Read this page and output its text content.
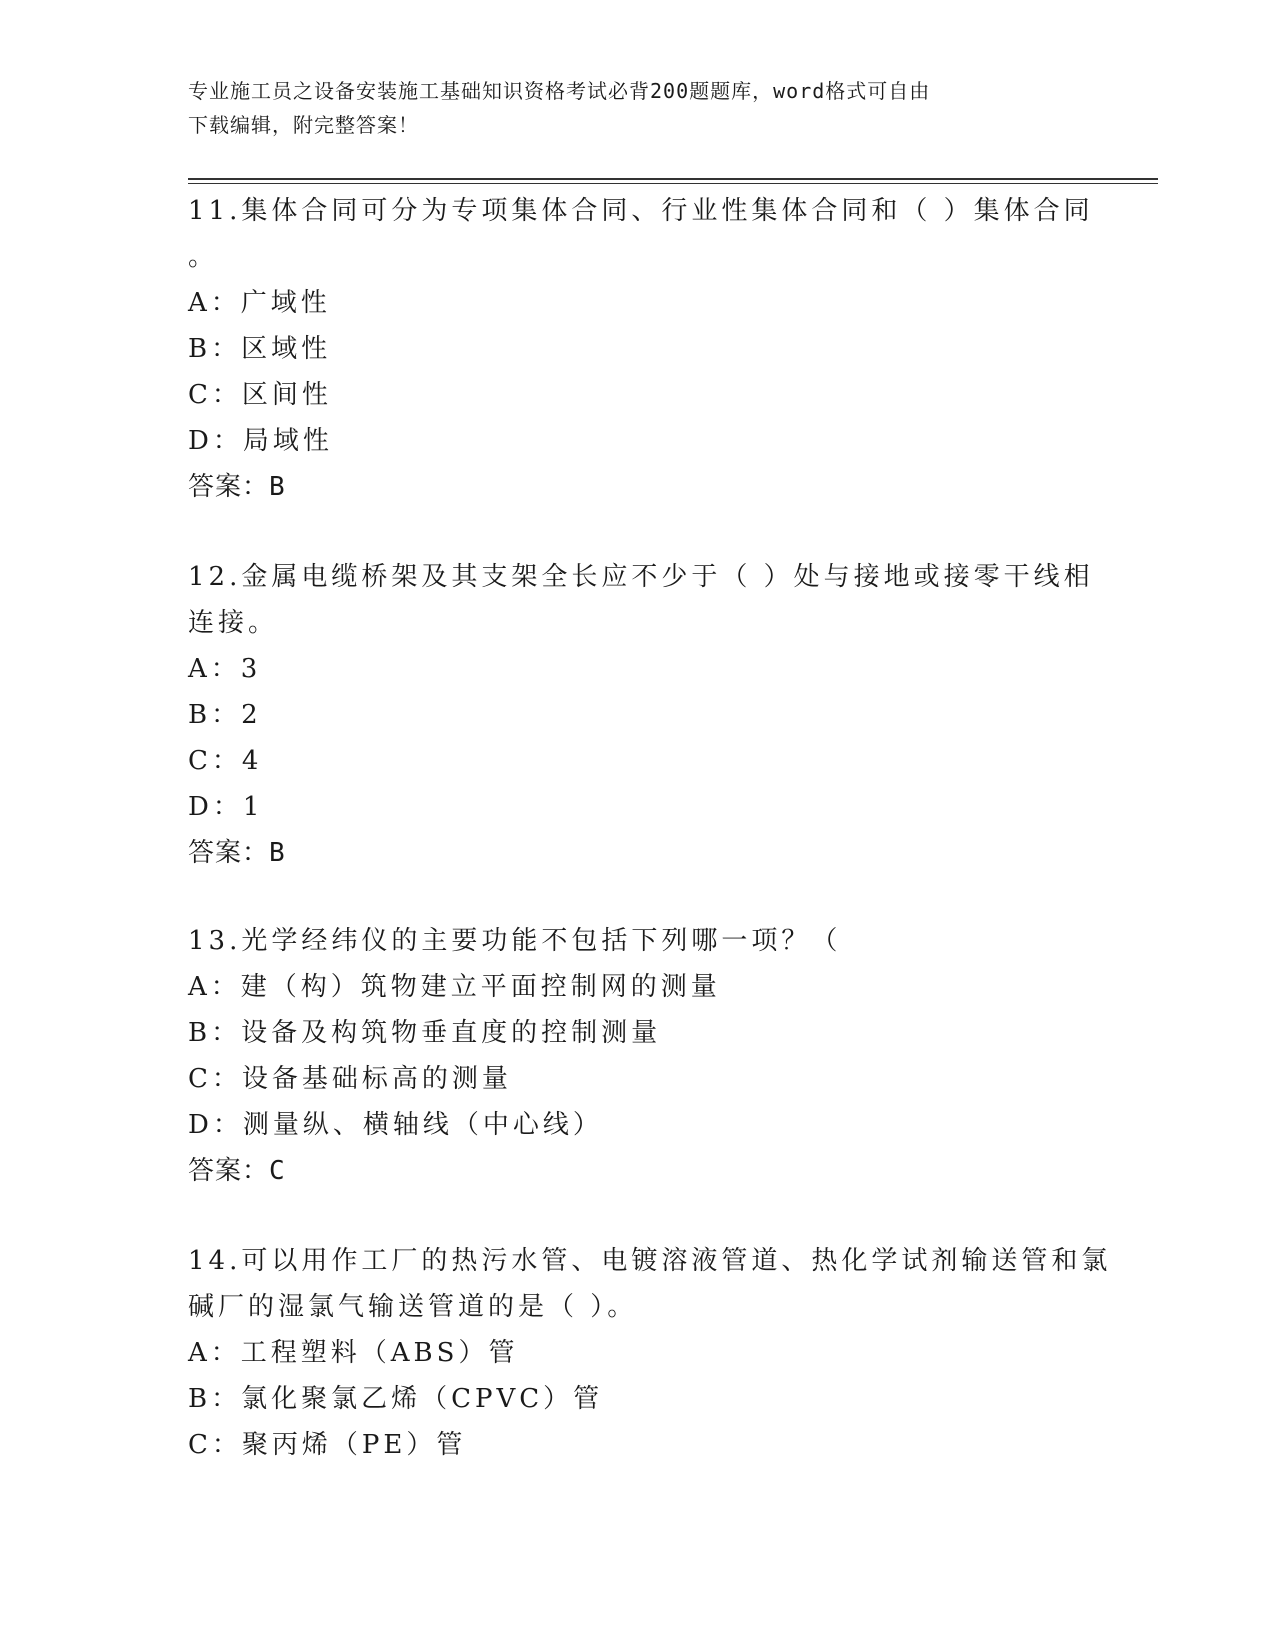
专业施工员之设备安装施工基础知识资格考试必背200题题库，word格式可自由
下载编辑，附完整答案！
11.集体合同可分为专项集体合同、行业性集体合同和（ ）集体合同
。
A：广域性
B：区域性
C：区间性
D：局域性
答案：B
12.金属电缆桥架及其支架全长应不少于（ ）处与接地或接零干线相
连接。
A：3
B：2
C：4
D：1
答案：B
13.光学经纬仪的主要功能不包括下列哪一项？（
A：建（构）筑物建立平面控制网的测量
B：设备及构筑物垂直度的控制测量
C：设备基础标高的测量
D：测量纵、横轴线（中心线）
答案：C
14.可以用作工厂的热污水管、电镀溶液管道、热化学试剂输送管和氯
碱厂的湿氯气输送管道的是（ ）。
A：工程塑料（ABS）管
B：氯化聚氯乙烯（CPVC）管
C：聚丙烯（PE）管
